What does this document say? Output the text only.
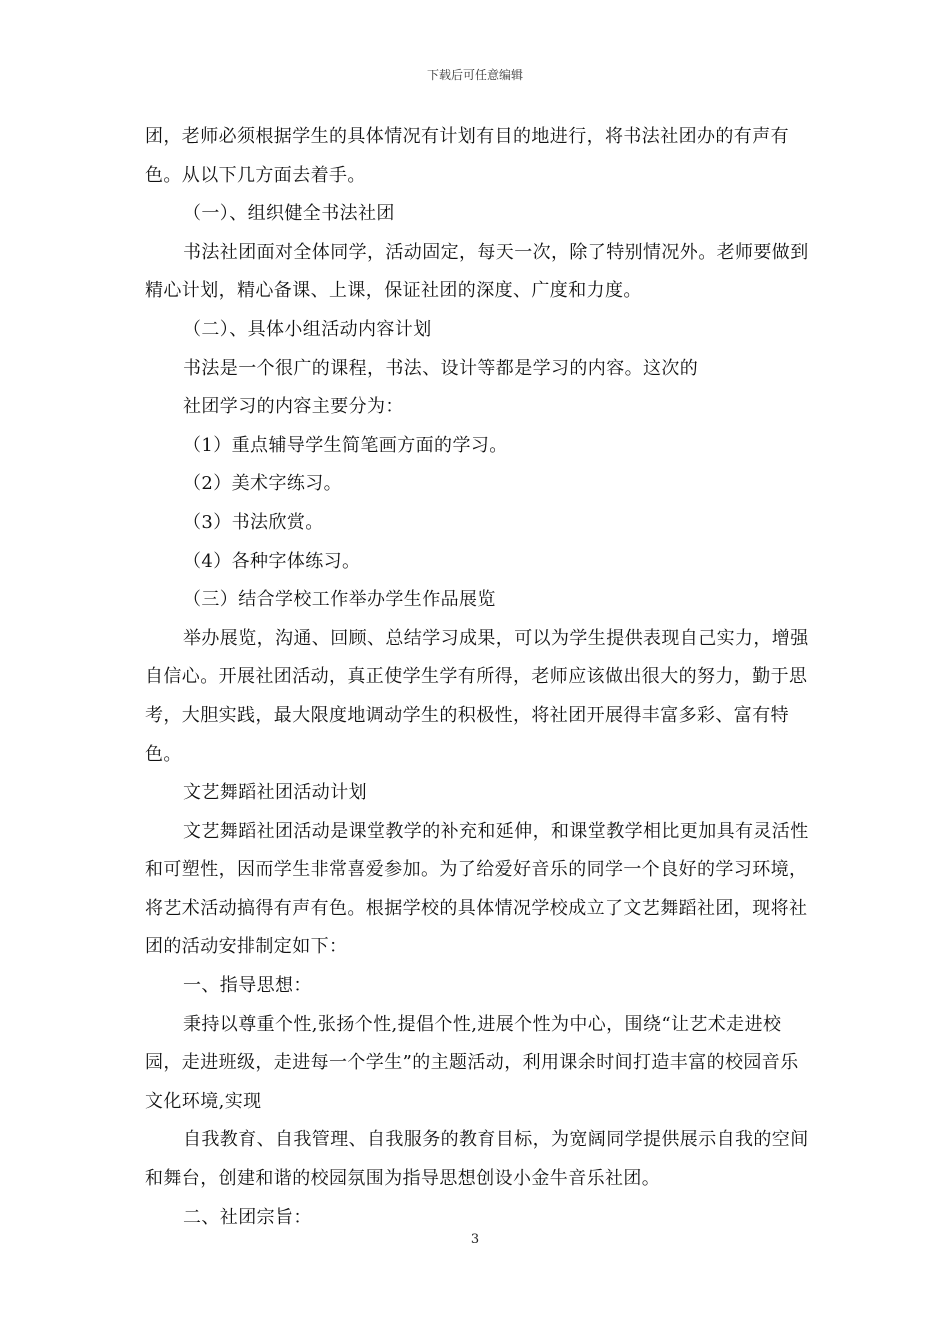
下载后可任意编辑

团，老师必须根据学生的具体情况有计划有目的地进行，将书法社团办的有声有色。从以下几方面去着手。

（一）、组织健全书法社团

书法社团面对全体同学，活动固定，每天一次，除了特别情况外。老师要做到精心计划，精心备课、上课，保证社团的深度、广度和力度。

（二）、具体小组活动内容计划

书法是一个很广的课程，书法、设计等都是学习的内容。这次的

社团学习的内容主要分为：

（1）重点辅导学生简笔画方面的学习。

（2）美术字练习。

（3）书法欣赏。

（4）各种字体练习。

（三）结合学校工作举办学生作品展览

举办展览，沟通、回顾、总结学习成果，可以为学生提供表现自己实力，增强自信心。开展社团活动，真正使学生学有所得，老师应该做出很大的努力，勤于思考，大胆实践，最大限度地调动学生的积极性，将社团开展得丰富多彩、富有特色。

文艺舞蹈社团活动计划

文艺舞蹈社团活动是课堂教学的补充和延伸，和课堂教学相比更加具有灵活性和可塑性，因而学生非常喜爱参加。为了给爱好音乐的同学一个良好的学习环境，将艺术活动搞得有声有色。根据学校的具体情况学校成立了文艺舞蹈社团，现将社团的活动安排制定如下：

一、指导思想：

秉持以尊重个性,张扬个性,提倡个性,进展个性为中心，围绕“让艺术走进校园，走进班级，走进每一个学生”的主题活动，利用课余时间打造丰富的校园音乐文化环境,实现

自我教育、自我管理、自我服务的教育目标，为宽阔同学提供展示自我的空间和舞台，创建和谐的校园氛围为指导思想创设小金牛音乐社团。

二、社团宗旨：

3
